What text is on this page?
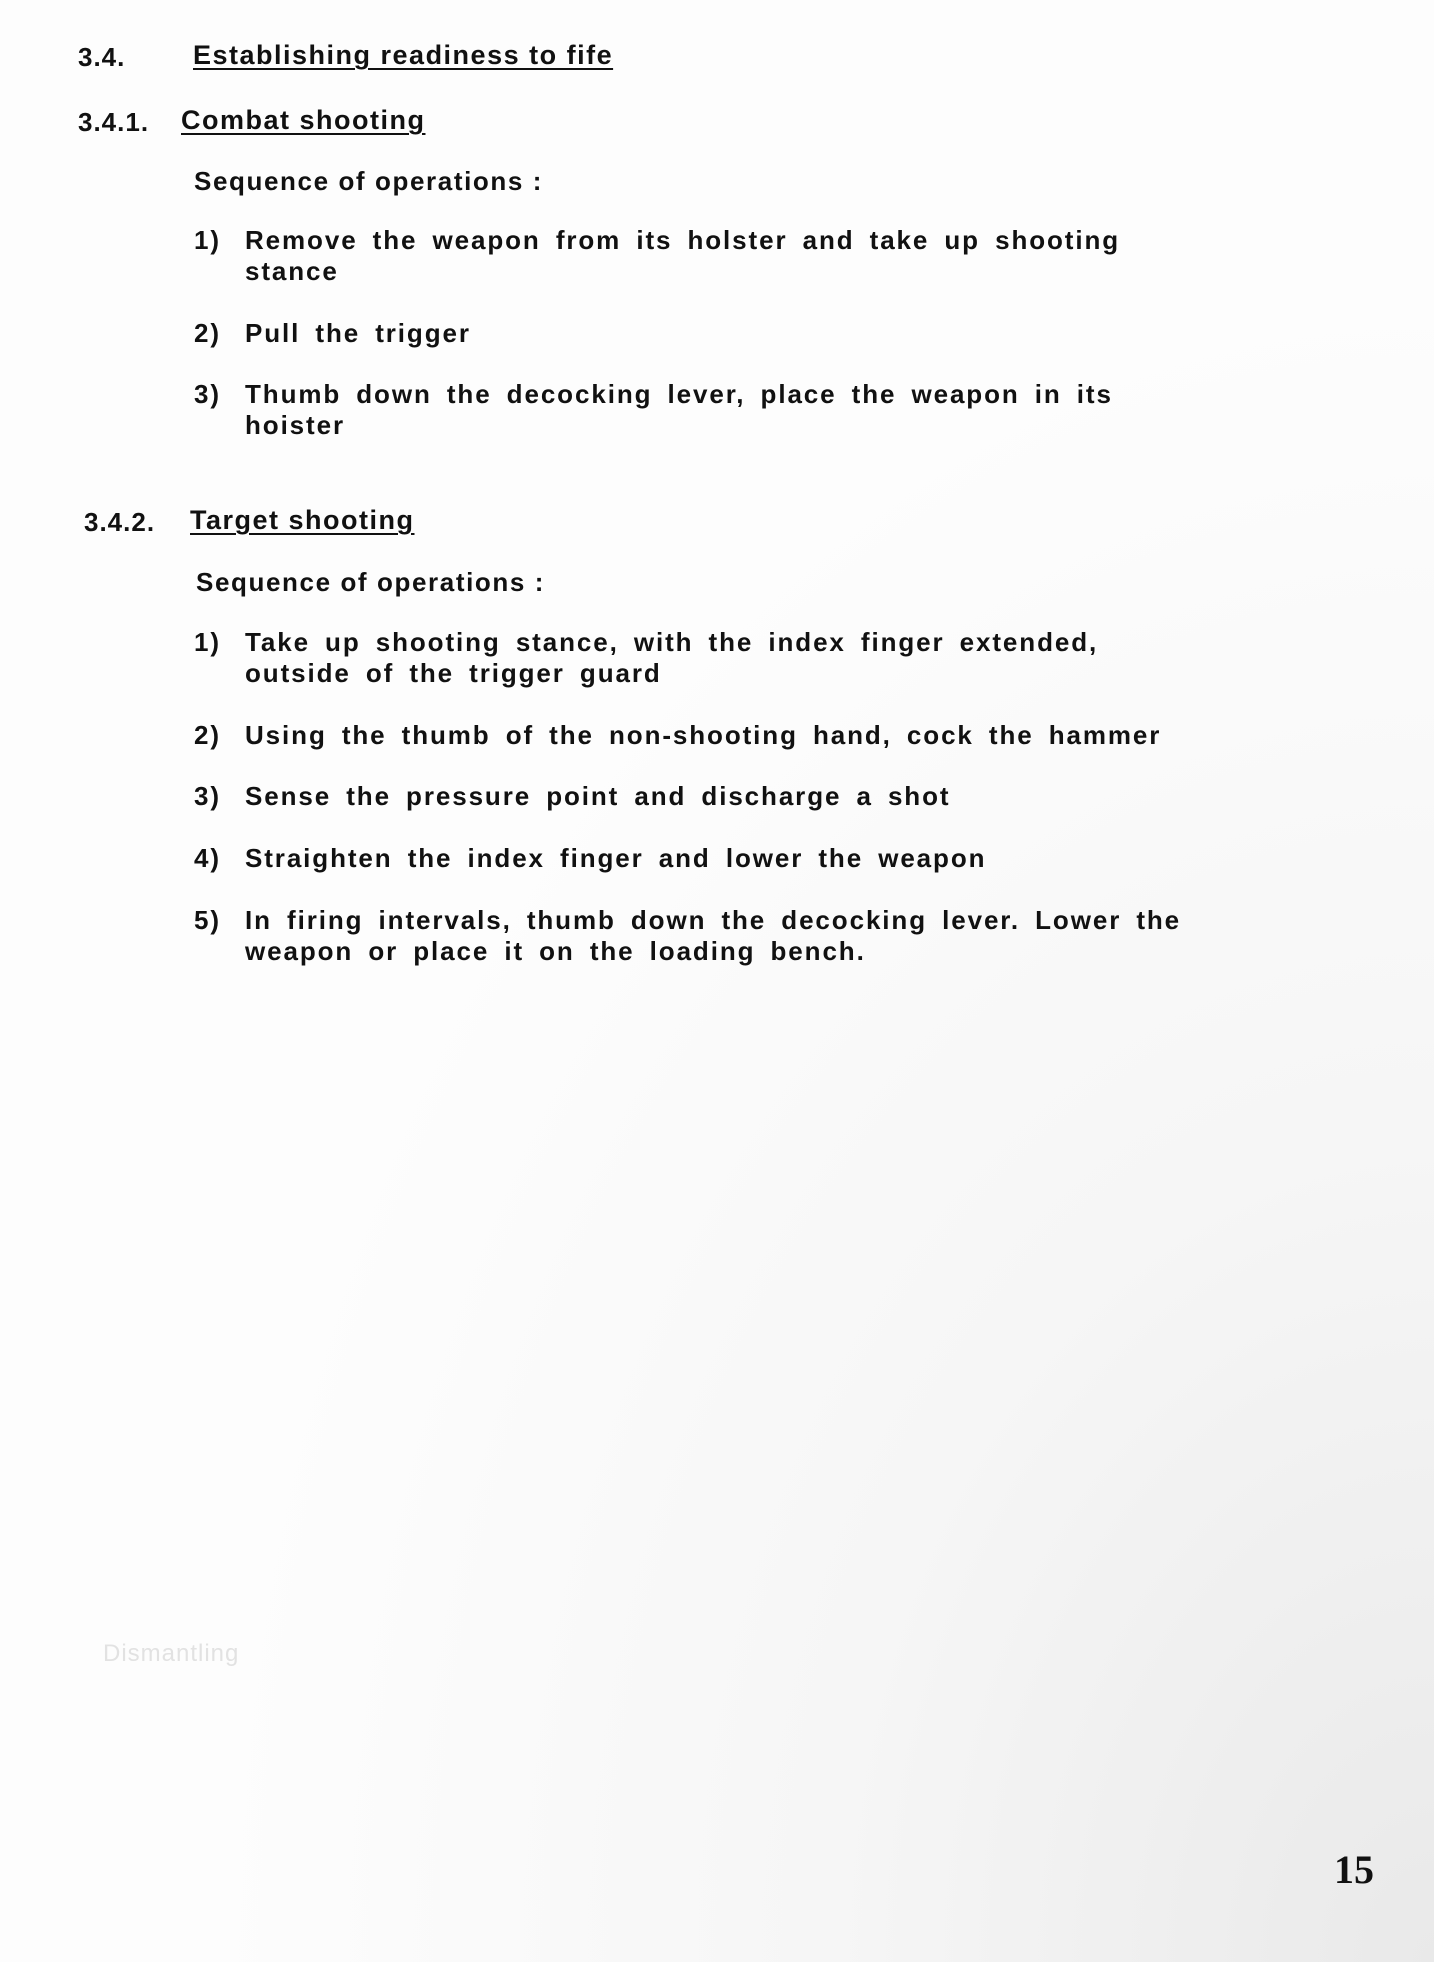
3.4.	Establishing readiness to fife
3.4.1. Combat shooting
Sequence of operations :
1) Remove the weapon from its holster and take up shooting stance
2) Pull the trigger
3) Thumb down the decocking lever, place the weapon in its hoister
3.4.2. Target shooting
Sequence of operations :
1) Take up shooting stance, with the index finger extended, outside of the trigger guard
2) Using the thumb of the non-shooting hand, cock the hammer
3) Sense the pressure point and discharge a shot
4) Straighten the index finger and lower the weapon
5) In firing intervals, thumb down the decocking lever. Lower the weapon or place it on the loading bench.
Dismantling
15
